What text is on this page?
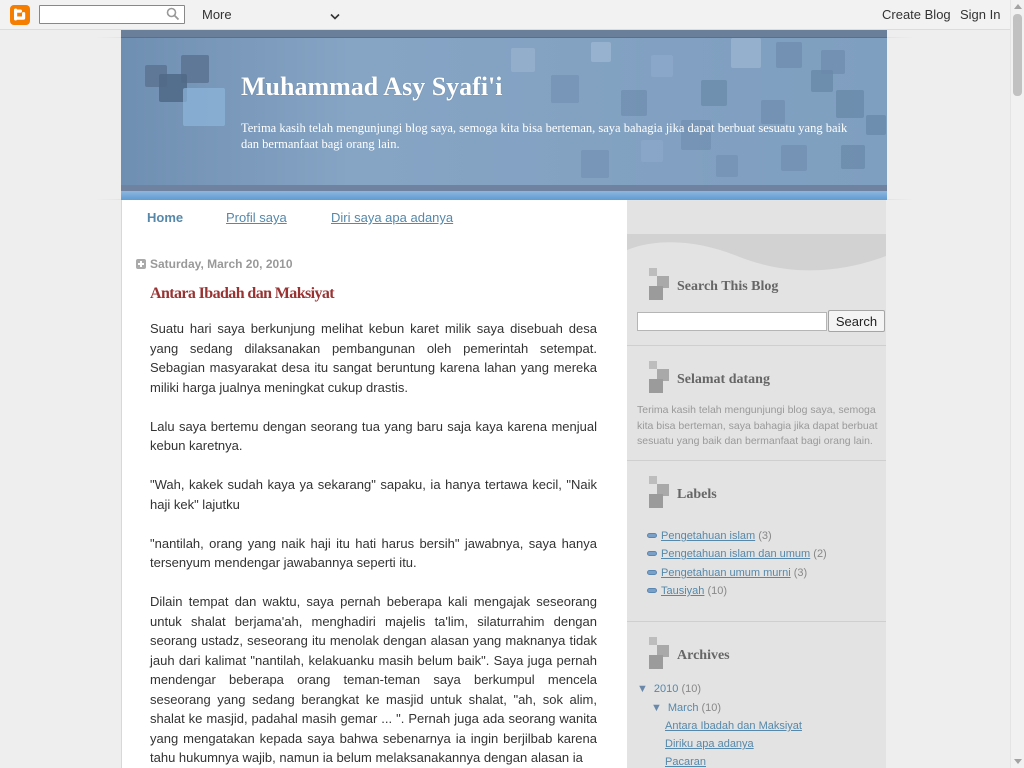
More	Create Blog Sign In
Muhammad Asy Syafi'i
Terima kasih telah mengunjungi blog saya, semoga kita bisa berteman, saya bahagia jika dapat berbuat sesuatu yang baik dan bermanfaat bagi orang lain.
Home	Profil saya	Diri saya apa adanya
Saturday, March 20, 2010
Antara Ibadah dan Maksiyat

Suatu hari saya berkunjung melihat kebun karet milik saya disebuah desa yang sedang dilaksanakan pembangunan oleh pemerintah setempat. Sebagian masyarakat desa itu sangat beruntung karena lahan yang mereka miliki harga jualnya meningkat cukup drastis.

Lalu saya bertemu dengan seorang tua yang baru saja kaya karena menjual kebun karetnya.

"Wah, kakek sudah kaya ya sekarang" sapaku, ia hanya tertawa kecil, "Naik haji kek" lajutku

"nantilah, orang yang naik haji itu hati harus bersih" jawabnya, saya hanya tersenyum mendengar jawabannya seperti itu.

Dilain tempat dan waktu, saya pernah beberapa kali mengajak seseorang untuk shalat berjama'ah, menghadiri majelis ta'lim, silaturrahim dengan seorang ustadz, seseorang itu menolak dengan alasan yang maknanya tidak jauh dari kalimat "nantilah, kelakuanku masih belum baik". Saya juga pernah mendengar beberapa orang teman-teman saya berkumpul mencela seseorang yang sedang berangkat ke masjid untuk shalat, "ah, sok alim, shalat ke masjid, padahal masih gemar ... ". Pernah juga ada seorang wanita yang mengatakan kepada saya bahwa sebenarnya ia ingin berjilbab karena tahu hukumnya wajib, namun ia belum melaksanakannya dengan alasan ia

Search This Blog
Search
Selamat datang
Terima kasih telah mengunjungi blog saya, semoga kita bisa berteman, saya bahagia jika dapat berbuat sesuatu yang baik dan bermanfaat bagi orang lain.
Labels
Pengetahuan islam (3)
Pengetahuan islam dan umum (2)
Pengetahuan umum murni (3)
Tausiyah (10)
Archives
▼ 2010 (10)
▼ March (10)
Antara Ibadah dan Maksiyat
Diriku apa adanya
Pacaran
